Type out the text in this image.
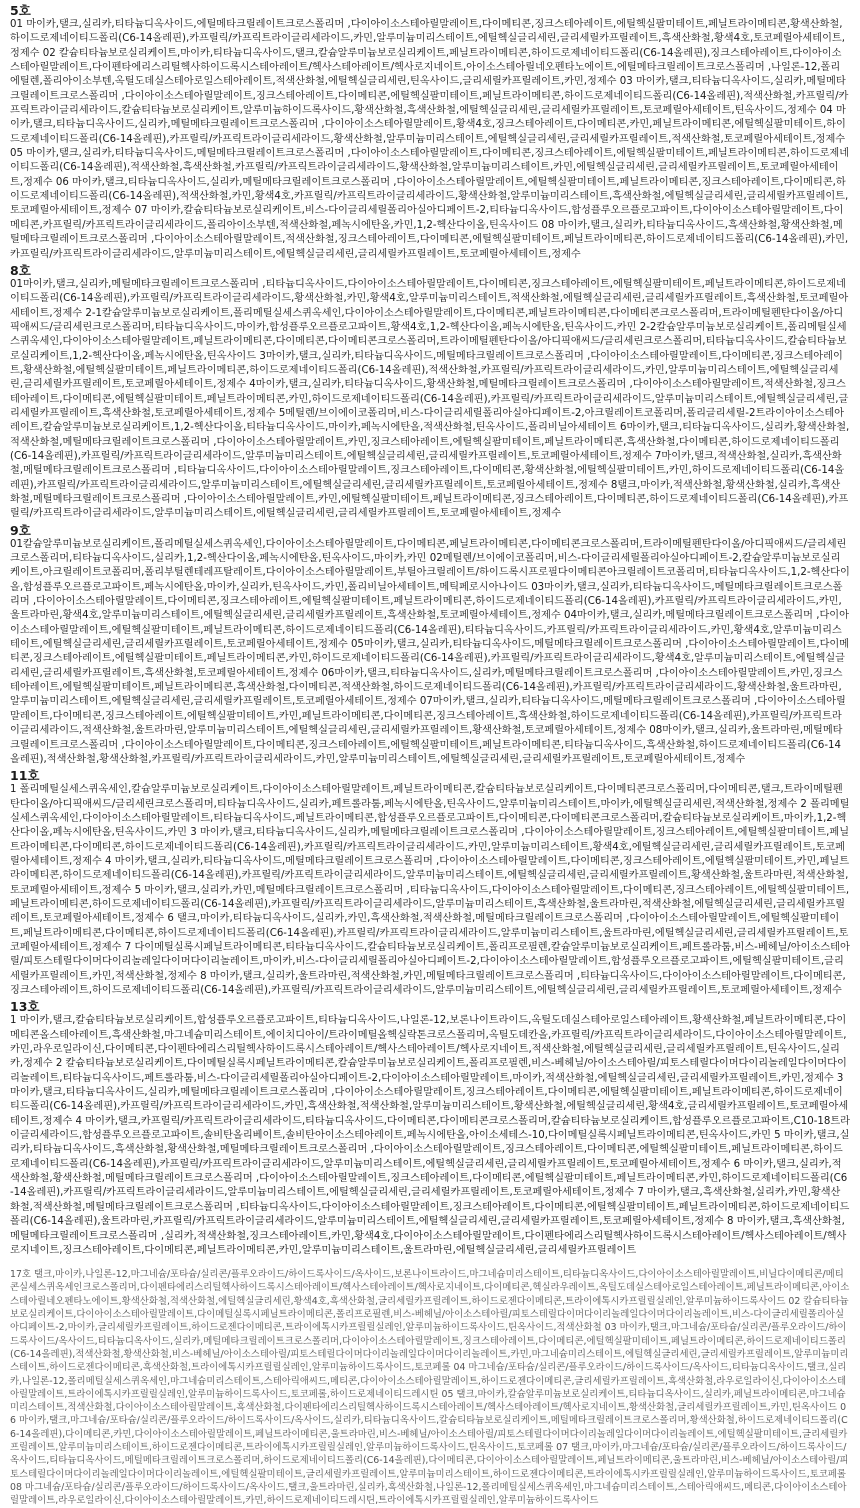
5호

01 마이카,탤크,실리카,티타늄디옥사이드,에틸메타크릴레이트크로스폴리머 ,다이아이소스테아릴말레이트,다이메티콘,징크스테아레이트,에틸헥실팔미테이트,페닐트라이메티콘,황색산화철,하이드로제네이티드폴리(C6-14올레핀),카프릴릭/카프릭트라이글리세라이드,카민,알루미늄미리스테이트,에틸헥실글리세린,글리세릴카프릴레이트,흑색산화철,황색4호,토코페릴아세테이트,정제수 02 칼슘티타늄보로실리케이트,마이카,티타늄디옥사이드,탤크,칼슘알루미늄보로실리케이트,페닐트라이메티콘,하이드로제네이티드폴리(C6-14올레핀),징크스테아레이트,다이아이소스테아릴말레이트,다이펜타에리스리틸헥사하이드록시스테아레이트/헥사스테아레이트/헥사로지네이트,아이소스테아릴네오펜타노에이트,에틸메타크릴레이트크로스폴리머 ,나일론-12,폴리에틸렌,폴리아이소부텐,옥틸도데실스테아로일스테아레이트,적색산화철,에틸헥실글리세린,틴옥사이드,글리세릴카프릴레이트,카민,정제수 03 마이카,탤크,티타늄디옥사이드,실리카,메틸메타크릴레이트크로스폴리머 ,다이아이소스테아릴말레이트,징크스테아레이트,다이메티콘,에틸헥실팔미테이트,페닐트라이메티콘,하이드로제네이티드폴리(C6-14올레핀),적색산화철,카프릴릭/카프릭트라이글리세라이드,칼슘티타늄보로실리케이트,알루미늄하이드록사이드,황색산화철,흑색산화철,에틸헥실글리세린,글리세릴카프릴레이트,토코페릴아세테이트,틴옥사이드,정제수 04 마이카,탤크,티타늄디옥사이드,실리카,메틸메타크릴레이트크로스폴리머 ,다이아이소스테아릴말레이트,황색4호,징크스테아레이트,다이메티콘,카민,페닐트라이메티콘,에틸헥실팔미테이트,하이드로제네이티드폴리(C6-14올레핀),카프릴릭/카프릭트라이글리세라이드,황색산화철,알루미늄미리스테이트,에틸헥실글리세린,글리세릴카프릴레이트,적색산화철,토코페릴아세테이트,정제수 05 마이카,탤크,실리카,티타늄디옥사이드,메틸메타크릴레이트크로스폴리머 ,다이아이소스테아릴말레이트,다이메티콘,징크스테아레이트,에틸헥실팔미테이트,페닐트라이메티콘,하이드로제네이티드폴리(C6-14올레핀),적색산화철,흑색산화철,카프릴릭/카프릭트라이글리세라이드,황색산화철,알루미늄미리스테이트,카민,에틸헥실글리세린,글리세릴카프릴레이트,토코페릴아세테이트,정제수 06 마이카,탤크,티타늄디옥사이드,실리카,메틸메타크릴레이트크로스폴리머 ,다이아이소스테아릴말레이트,에틸헥실팔미테이트,페닐트라이메티콘,징크스테아레이트,다이메티콘,하이드로제네이티드폴리(C6-14올레핀),적색산화철,카민,황색4호,카프릴릭/카프릭트라이글리세라이드,황색산화철,알루미늄미리스테이트,흑색산화철,에틸헥실글리세린,글리세릴카프릴레이트,토코페릴아세테이트,정제수 07 마이카,칼슘티타늄보로실리케이트,비스-다이글리세릴폴리아실아디페이트-2,티타늄디옥사이드,합성플루오르플로고파이트,다이아이소스테아릴말레이트,다이메티콘,카프릴릭/카프릭트라이글리세라이드,폴리아이소부텐,적색산화철,페녹시에탄올,카민,1,2-헥산다이올,틴옥사이드 08 마이카,탤크,실리카,티타늄디옥사이드,흑색산화철,황색산화철,메틸메타크릴레이트크로스폴리머 ,다이아이소스테아릴말레이트,적색산화철,징크스테아레이트,다이메티콘,에틸헥실팔미테이트,페닐트라이메티콘,하이드로제네이티드폴리(C6-14올레핀),카민,카프릴릭/카프릭트라이글리세라이드,알루미늄미리스테이트,에틸헥실글리세린,글리세릴카프릴레이트,토코페릴아세테이트,정제수

8호

01마이카,탤크,실리카,메틸메타크릴레이트크로스폴리머 ,티타늄디옥사이드,다이아이소스테아릴말레이트,다이메티콘,징크스테아레이트,에틸헥실팔미테이트,페닐트라이메티콘,하이드로제네이티드폴리(C6-14올레핀),카프릴릭/카프릭트라이글리세라이드,황색산화철,카민,황색4호,알루미늄미리스테이트,적색산화철,에틸헥실글리세린,글리세릴카프릴레이트,흑색산화철,토코페릴아세테이트,정제수 2-1칼슘알루미늄보로실리케이트,폴리메틸실세스퀴옥세인,다이아이소스테아릴말레이트,다이메티콘,페닐트라이메티콘,다이메티콘크로스폴리머,트라이메틸펜탄다이올/아디픽애씨드/글리세린크로스폴리머,티타늄디옥사이드,마이카,합성플루오르플로고파이트,황색4호,1,2-헥산다이올,페녹시에탄올,틴옥사이드,카민 2-2칼슘알루미늄보로실리케이트,폴리메틸실세스퀴옥세인,다이아이소스테아릴말레이트,페닐트라이메티콘,다이메티콘,다이메티콘크로스폴리머,트라이메틸펜탄다이올/아디픽애씨드/글리세린크로스폴리머,티타늄디옥사이드,칼슘티타늄보로실리케이트,1,2-헥산다이올,페녹시에탄올,틴옥사이드 3마이카,탤크,실리카,티타늄디옥사이드,메틸메타크릴레이트크로스폴리머 ,다이아이소스테아릴말레이트,다이메티콘,징크스테아레이트,황색산화철,에틸헥실팔미테이트,페닐트라이메티콘,하이드로제네이티드폴리(C6-14올레핀),적색산화철,카프릴릭/카프릭트라이글리세라이드,카민,알루미늄미리스테이트,에틸헥실글리세린,글리세릴카프릴레이트,토코페릴아세테이트,정제수 4마이카,탤크,실리카,티타늄디옥사이드,황색산화철,메틸메타크릴레이트크로스폴리머 ,다이아이소스테아릴말레이트,적색산화철,징크스테아레이트,다이메티콘,에틸헥실팔미테이트,페닐트라이메티콘,카민,하이드로제네이티드폴리(C6-14올레핀),카프릴릭/카프릭트라이글리세라이드,알루미늄미리스테이트,에틸헥실글리세린,글리세릴카프릴레이트,흑색산화철,토코페릴아세테이트,정제수 5메틸렌/브이에이코폴리머,비스-다이글리세릴폴리아실아디페이트-2,아크릴레이트코폴리머,폴리글리세릴-2트라이아이소스테아레이트,칼슘알루미늄보로실리케이트,1,2-헥산다이올,티타늄디옥사이드,마이카,페녹시에탄올,적색산화철,틴옥사이드,폴리비닐아세테이트 6마이카,탤크,티타늄디옥사이드,실리카,황색산화철,적색산화철,메틸메타크릴레이트크로스폴리머 ,다이아이소스테아릴말레이트,카민,징크스테아레이트,에틸헥실팔미테이트,페닐트라이메티콘,흑색산화철,다이메티콘,하이드로제네이티드폴리(C6-14올레핀),카프릴릭/카프릭트라이글리세라이드,알루미늄미리스테이트,에틸헥실글리세린,글리세릴카프릴레이트,토코페릴아세테이트,정제수 7마이카,탤크,적색산화철,실리카,흑색산화철,메틸메타크릴레이트크로스폴리머 ,티타늄디옥사이드,다이아이소스테아릴말레이트,징크스테아레이트,다이메티콘,황색산화철,에틸헥실팔미테이트,카민,하이드로제네이티드폴리(C6-14올레핀),카프릴릭/카프릭트라이글리세라이드,알루미늄미리스테이트,에틸헥실글리세린,글리세릴카프릴레이트,토코페릴아세테이트,정제수 8탤크,마이카,적색산화철,황색산화철,실리카,흑색산화철,메틸메타크릴레이트크로스폴리머 ,다이아이소스테아릴말레이트,카민,에틸헥실팔미테이트,페닐트라이메티콘,징크스테아레이트,다이메티콘,하이드로제네이티드폴리(C6-14올레핀),카프릴릭/카프릭트라이글리세라이드,알루미늄미리스테이트,에틸헥실글리세린,글리세릴카프릴레이트,토코페릴아세테이트,정제수

9호

01칼슘알루미늄보로실리케이트,폴리메틸실세스퀴옥세인,다이아이소스테아릴말레이트,다이메티콘,페닐트라이메티콘,다이메티콘크로스폴리머,트라이메틸펜탄다이올/아디픽애씨드/글리세린크로스폴리머,티타늄디옥사이드,실리카,1,2-헥산다이올,페녹시에탄올,틴옥사이드,마이카,카민 02메틸렌/브이에이코폴리머,비스-다이글리세릴폴리아실아디페이트-2,칼슘알루미늄보로실리케이트,아크릴레이트코폴리머,폴리부틸렌테레프탈레이트,다이아이소스테아릴말레이트,부틸아크릴레이트/하이드록시프로필다이메티콘아크릴레이트코폴리머,티타늄디옥사이드,1,2-헥산다이올,합성플루오르플로고파이트,페녹시에탄올,마이카,실리카,틴옥사이드,카민,폴리비닐아세테이트,메틱페로시아나이드 03마이카,탤크,실리카,티타늄디옥사이드,메틸메타크릴레이트크로스폴리머 ,다이아이소스테아릴말레이트,다이메티콘,징크스테아레이트,에틸헥실팔미테이트,페닐트라이메티콘,하이드로제네이티드폴리(C6-14올레핀),카프릴릭/카프릭트라이글리세라이드,카민,울트라마린,황색4호,알루미늄미리스테이트,에틸헥실글리세린,글리세릴카프릴레이트,흑색산화철,토코페릴아세테이트,정제수 04마이카,탤크,실리카,메틸메타크릴레이트크로스폴리머 ,다이아이소스테아릴말레이트,에틸헥실팔미테이트,페닐트라이메티콘,하이드로제네이티드폴리(C6-14올레핀),티타늄디옥사이드,카프릴릭/카프릭트라이글리세라이드,카민,황색4호,알루미늄미리스테이트,에틸헥실글리세린,글리세릴카프릴레이트,토코페릴아세테이트,정제수 05마이카,탤크,실리카,티타늄디옥사이드,메틸메타크릴레이트크로스폴리머 ,다이아이소스테아릴말레이트,다이메티콘,징크스테아레이트,에틸헥실팔미테이트,페닐트라이메티콘,카민,하이드로제네이티드폴리(C6-14올레핀),카프릴릭/카프릭트라이글리세라이드,황색4호,알루미늄미리스테이트,에틸헥실글리세린,글리세릴카프릴레이트,흑색산화철,토코페릴아세테이트,정제수 06마이카,탤크,티타늄디옥사이드,실리카,메틸메타크릴레이트크로스폴리머 ,다이아이소스테아릴말레이트,카민,징크스테아레이트,에틸헥실팔미테이트,페닐트라이메티콘,흑색산화철,다이메티콘,적색산화철,하이드로제네이티드폴리(C6-14올레핀),카프릴릭/카프릭트라이글리세라이드,황색산화철,울트라마린,알루미늄미리스테이트,에틸헥실글리세린,글리세릴카프릴레이트,토코페릴아세테이트,정제수 07마이카,탤크,실리카,티타늄디옥사이드,메틸메타크릴레이트크로스폴리머 ,다이아이소스테아릴말레이트,다이메티콘,징크스테아레이트,에틸헥실팔미테이트,카민,페닐트라이메티콘,다이메티콘,징크스테아레이트,흑색산화철,하이드로제네이티드폴리(C6-14올레핀),카프릴릭/카프릭트라이글리세라이드,적색산화철,울트라마린,알루미늄미리스테이트,에틸헥실글리세린,글리세릴카프릴레이트,황색산화철,토코페릴아세테이트,정제수 08마이카,탤크,실리카,울트라마린,메틸메타크릴레이트크로스폴리머 ,다이아이소스테아릴말레이트,다이메티콘,징크스테아레이트,에틸헥실팔미테이트,페닐트라이메티콘,티타늄디옥사이드,흑색산화철,하이드로제네이티드폴리(C6-14올레핀),적색산화철,황색산화철,카프릴릭/카프릭트라이글리세라이드,카민,알루미늄미리스테이트,에틸헥실글리세린,글리세릴카프릴레이트,토코페릴아세테이트,정제수

11호

1 폴리메틸실세스퀴옥세인,칼슘알루미늄보로실리케이트,다이아이소스테아릴말레이트,페닐트라이메티콘,칼슘티타늄보로실리케이트,다이메티콘크로스폴리머,다이메티콘,탤크,트라이메틸펜탄다이올/아디픽애씨드/글리세린크로스폴리머,티타늄디옥사이드,실리카,페트롤라툼,페녹시에탄올,틴옥사이드,알루미늄미리스테이트,마이카,에틸헥실글리세린,적색산화철,정제수 2 폴리메틸실세스퀴옥세인,다이아이소스테아릴말레이트,티타늄디옥사이드,페닐트라이메티콘,합성플루오르플로고파이트,다이메티콘,다이메티콘크로스폴리머,칼슘티타늄보로실리케이트,마이카,1,2-헥산다이올,페녹시에탄올,틴옥사이드,카민 3 마이카,탤크,티타늄디옥사이드,실리카,메틸메타크릴레이트크로스폴리머 ,다이아이소스테아릴말레이트,징크스테아레이트,에틸헥실팔미테이트,페닐트라이메티콘,다이메티콘,하이드로제네이티드폴리(C6-14올레핀),카프릴릭/카프릭트라이글리세라이드,카민,알루미늄미리스테이트,황색4호,에틸헥실글리세린,글리세릴카프릴레이트,토코페릴아세테이트,정제수 4 마이카,탤크,실리카,티타늄디옥사이드,메틸메타크릴레이트크로스폴리머 ,다이아이소스테아릴말레이트,다이메티콘,징크스테아레이트,에틸헥실팔미테이트,카민,페닐트라이메티콘,하이드로제네이티드폴리(C6-14올레핀),카프릴릭/카프릭트라이글리세라이드,알루미늄미리스테이트,에틸헥실글리세린,글리세릴카프릴레이트,황색산화철,울트라마린,적색산화철,토코페릴아세테이트,정제수 5 마이카,탤크,실리카,카민,메틸메타크릴레이트크로스폴리머 ,티타늄디옥사이드,다이아이소스테아릴말레이트,다이메티콘,징크스테아레이트,에틸헥실팔미테이트,페닐트라이메티콘,하이드로제네이티드폴리(C6-14올레핀),카프릴릭/카프릭트라이글리세라이드,알루미늄미리스테이트,흑색산화철,울트라마린,적색산화철,에틸헥실글리세린,글리세릴카프릴레이트,토코페릴아세테이트,정제수 6 탤크,마이카,티타늄디옥사이드,실리카,카민,흑색산화철,적색산화철,메틸메타크릴레이트크로스폴리머 ,다이아이소스테아릴말레이트,에틸헥실팔미테이트,페닐트라이메티콘,다이메티콘,하이드로제네이티드폴리(C6-14올레핀),카프릴릭/카프릭트라이글리세라이드,알루미늄미리스테이트,울트라마린,에틸헥실글리세린,글리세릴카프릴레이트,토코페릴아세테이트,정제수 7 다이메틸실록시페닐트라이메티콘,티타늄디옥사이드,칼슘티타늄보로실리케이트,폴리프로필렌,칼슘알루미늄보로실리케이트,페트롤라툼,비스-베헤닐/아이소스테아릴/피토스테릴다이머다이리놀레일다이머다이리놀레이트,마이카,비스-다이글리세릴폴리아실아디페이트-2,다이아이소스테아릴말레이트,합성플루오르플로고파이트,에틸헥실팔미테이트,글리세릴카프릴레이트,카민,적색산화철,정제수 8 마이카,탤크,실리카,울트라마린,적색산화철,카민,메틸메타크릴레이트크로스폴리머 ,티타늄디옥사이드,다이아이소스테아릴말레이트,다이메티콘,징크스테아레이트,하이드로제네이티드폴리(C6-14올레핀),카프릴릭/카프릭트라이글리세라이드,알루미늄미리스테이트,에틸헥실글리세린,글리세릴카프릴레이트,토코페릴아세테이트,정제수

13호

1 마이카,탤크,칼슘티타늄보로실리케이트,합성플루오르플로고파이트,티타늄디옥사이드,나일론-12,보론나이트라이드,옥틸도데실스테아로일스테아레이트,황색산화철,페닐트라이메티콘,다이메티콘올스테아레이트,흑색산화철,마그네슘미리스테이트,에이치디아이/트라이메틸올헥실락톤크로스폴리머,옥틸도데칸올,카프릴릭/카프릭트라이글리세라이드,다이아이소스테아릴말레이트,카민,라우로일라이신,다이메티콘,다이펜타에리스리틸헥사하이드록시스테아레이트/헥사스테아레이트/헥사로지네이트,적색산화철,에틸헥실글리세린,글리세릴카프릴레이트,틴옥사이드,실리카,정제수 2 칼슘티타늄보로실리케이트,다이메틸실록시페닐트라이메티콘,칼슘알루미늄보로실리케이트,폴리프로필렌,비스-베헤닐/아이소스테아릴/피토스테릴다이머다이리놀레일다이머다이리놀레이트,티타늄디옥사이드,페트롤라툼,비스-다이글리세릴폴리아실아디페이트-2,다이아이소스테아릴말레이트,마이카,적색산화철,에틸헥실글리세린,글리세릴카프릴레이트,카민,정제수 3 마이카,탤크,티타늄디옥사이드,실리카,메틸메타크릴레이트크로스폴리머 ,다이아이소스테아릴말레이트,징크스테아레이트,다이메티콘,에틸헥실팔미테이트,페닐트라이메티콘,하이드로제네이티드폴리(C6-14올레핀),카프릴릭/카프릭트라이글리세라이드,카민,흑색산화철,적색산화철,알루미늄미리스테이트,황색산화철,에틸헥실글리세린,황색4호,글리세릴카프릴레이트,토코페릴아세테이트,정제수 4 마이카,탤크,카프릴릭/카프릭트라이글리세라이드,티타늄디옥사이드,다이메티콘,다이메티콘크로스폴리머,칼슘티타늄보로실리케이트,합성플루오르플로고파이트,C10-18트라이글리세라이드,합성플루오르플로고파이트,솔비탄올리베이트,솔비탄아이소스테아레이트,페녹시에탄올,아이소세테스-10,다이메틸실록시페닐트라이메티콘,틴옥사이드,카민 5 마이카,탤크,실리카,티타늄디옥사이드,흑색산화철,황색산화철,메틸메타크릴레이트크로스폴리머 ,다이아이소스테아릴말레이트,징크스테아레이트,다이메티콘,에틸헥실팔미테이트,페닐트라이메티콘,하이드로제네이티드폴리(C6-14올레핀),카프릴릭/카프릭트라이글리세라이드,알루미늄미리스테이트,에틸헥실글리세린,글리세릴카프릴레이트,토코페릴아세테이트,정제수 6 마이카,탤크,실리카,적색산화철,황색산화철,메틸메타크릴레이트크로스폴리머 ,다이아이소스테아릴말레이트,징크스테아레이트,다이메티콘,에틸헥실팔미테이트,페닐트라이메티콘,카민,하이드로제네이티드폴리(C6-14올레핀),카프릴릭/카프릭트라이글리세라이드,알루미늄미리스테이트,에틸헥실글리세린,글리세릴카프릴레이트,토코페릴아세테이트,정제수 7 마이카,탤크,흑색산화철,실리카,카민,황색산화철,적색산화철,메틸메타크릴레이트크로스폴리머 ,티타늄디옥사이드,다이아이소스테아릴말레이트,징크스테아레이트,다이메티콘,에틸헥실팔미테이트,페닐트라이메티콘,하이드로제네이티드폴리(C6-14올레핀),울트라마린,카프릴릭/카프릭트라이글리세라이드,알루미늄미리스테이트,에틸헥실글리세린,글리세릴카프릴레이트,토코페릴아세테이트,정제수 8 마이카,탤크,흑색산화철,메틸메타크릴레이트크로스폴리머 ,실리카,적색산화철,징크스테아레이트,카민,황색4호,다이아이소스테아릴말레이트,다이펜타에리스리틸헥사하이드록시스테아레이트/헥사스테아레이트/헥사로지네이트,징크스테아레이트,다이메티콘,페닐트라이메티콘,카민,알루미늄미리스테이트,울트라마린,에틸헥실글리세린,글리세릴카프릴레이트

17호 탤크,마이카,나일론-12,마그네슘/포타슘/실리콘/플루오라이드/하이드록사이드/옥사이드,보론나이트라이드,마그네슘미리스테이트,티타늄디옥사이드,다이아이소스테아릴말레이트,비닐다이메티콘/메티콘실세스퀴옥세인크로스폴리머,다이펜타에리스리틸헥사하이드록시스테아레이트/헥사스테아레이트/헥사로지네이트,다이메티콘,헥실라우레이트,옥틸도데실스테아로일스테아레이트,페닐트라이메티콘,아이소스테아릴네오펜타노에이트,황색산화철,적색산화철,에틸헥실글리세린,황색4호,흑색산화철,글리세릴카프릴레이트,하이드로젠다이메티콘,트라이에톡시카프릴릴실레인,알루미늄하이드록사이드 02 칼슘티타늄보로실리케이트,다이아이소스테아릴말레이트,다이메틸실록시페닐트라이메티콘,폴리프로필렌,비스-베헤닐/아이소스테아릴/피토스테릴다이머다이리놀레일다이머다이리놀레이트,비스-다이글리세릴폴리아실아디페이트-2,마이카,글리세릴카프릴레이트,하이드로젠다이메티콘,트라이에톡시카프릴릴실레인,알루미늄하이드록사이드,틴옥사이드,적색산화철 03 마이카,탤크,마그네슘/포타슘/실리콘/플루오라이드/하이드록사이드/옥사이드,티타늄디옥사이드,실리카,메틸메타크릴레이트크로스폴리머,다이아이소스테아릴말레이트,징크스테아레이트,다이메티콘,에틸헥실팔미테이트,페닐트라이메티콘,하이드로제네이티드폴리(C6-14올레핀),적색산화철,황색산화철,비스-베헤닐/아이소스테아릴/피토스테릴다이머다이리놀레일다이머다이리놀레이트,카민,마그네슘미리스테이트,에틸헥실글리세린,글리세릴카프릴레이트,알루미늄미리스테이트,하이드로젠다이메티콘,흑색산화철,트라이에톡시카프릴릴실레인,알루미늄하이드록사이드,토코페롤 04 마그네슘/포타슘/실리콘/플루오라이드/하이드록사이드/옥사이드,티타늄디옥사이드,탤크,실리카,나일론-12,폴리메틸실세스퀴옥세인,마그네슘미리스테이트,스테아릭애씨드,메티콘,다이아이소스테아릴말레이트,하이드로젠다이메티콘,글리세릴카프릴레이트,흑색산화철,라우로일라이신,다이아이소스테아릴말레이트,트라이에톡시카프릴릴실레인,알루미늄하이드록사이드,토코페롤,하이드로제네이티드레시틴 05 탤크,마이카,칼슘알루미늄보로실리케이트,티타늄디옥사이드,실리카,페닐트라이메티콘,마그네슘미리스테이트,적색산화철,다이아이소스테아릴말레이트,흑색산화철,다이펜타에리스리틸헥사하이드록시스테아레이트/헥사스테아레이트/헥사로지네이트,황색산화철,글리세릴카프릴레이트,카민,틴옥사이드 06 마이카,탤크,마그네슘/포타슘/실리콘/플루오라이드/하이드록사이드/옥사이드,실리카,티타늄디옥사이드,칼슘티타늄보로실리케이트,메틸메타크릴레이트크로스폴리머,황색산화철,하이드로제네이티드폴리(C6-14올레핀),다이메티콘,카민,다이아이소스테아릴말레이트,페닐트라이메티콘,울트라마린,비스-베헤닐/아이소스테아릴/피토스테릴다이머다이리놀레일다이머다이리놀레이트,에틸헥실팔미테이트,글리세릴카프릴레이트,알루미늄미리스테이트,하이드로젠다이메티콘,트라이에톡시카프릴릴실레인,알루미늄하이드록사이드,틴옥사이드,토코페롤 07 탤크,마이카,마그네슘/포타슘/실리콘/플루오라이드/하이드록사이드/옥사이드,티타늄디옥사이드,메틸메타크릴레이트크로스폴리머,하이드로제네이티드폴리(C6-14올레핀),다이메티콘,다이아이소스테아릴말레이트,페닐트라이메티콘,울트라마린,비스-베헤닐/아이소스테아릴/피토스테릴다이머다이리놀레일다이머다이리놀레이트,에틸헥실팔미테이트,글리세릴카프릴레이트,알루미늄미리스테이트,하이드로젠다이메티콘,트라이에톡시카프릴릴실레인,알루미늄하이드록사이드,토코페롤 08 마그네슘/포타슘/실리콘/플루오라이드/하이드록사이드/옥사이드,탤크,울트라마린,실리카,흑색산화철,나일론-12,폴리메틸실세스퀴옥세인,마그네슘미리스테이트,스테아릭애씨드,메티콘,다이아이소스테아릴말레이트,라우로일라이신,다이아이소스테아릴말레이트,카민,하이드로제네이티드레시틴,트라이에톡시카프릴릴실레인,알루미늄하이드록사이드
